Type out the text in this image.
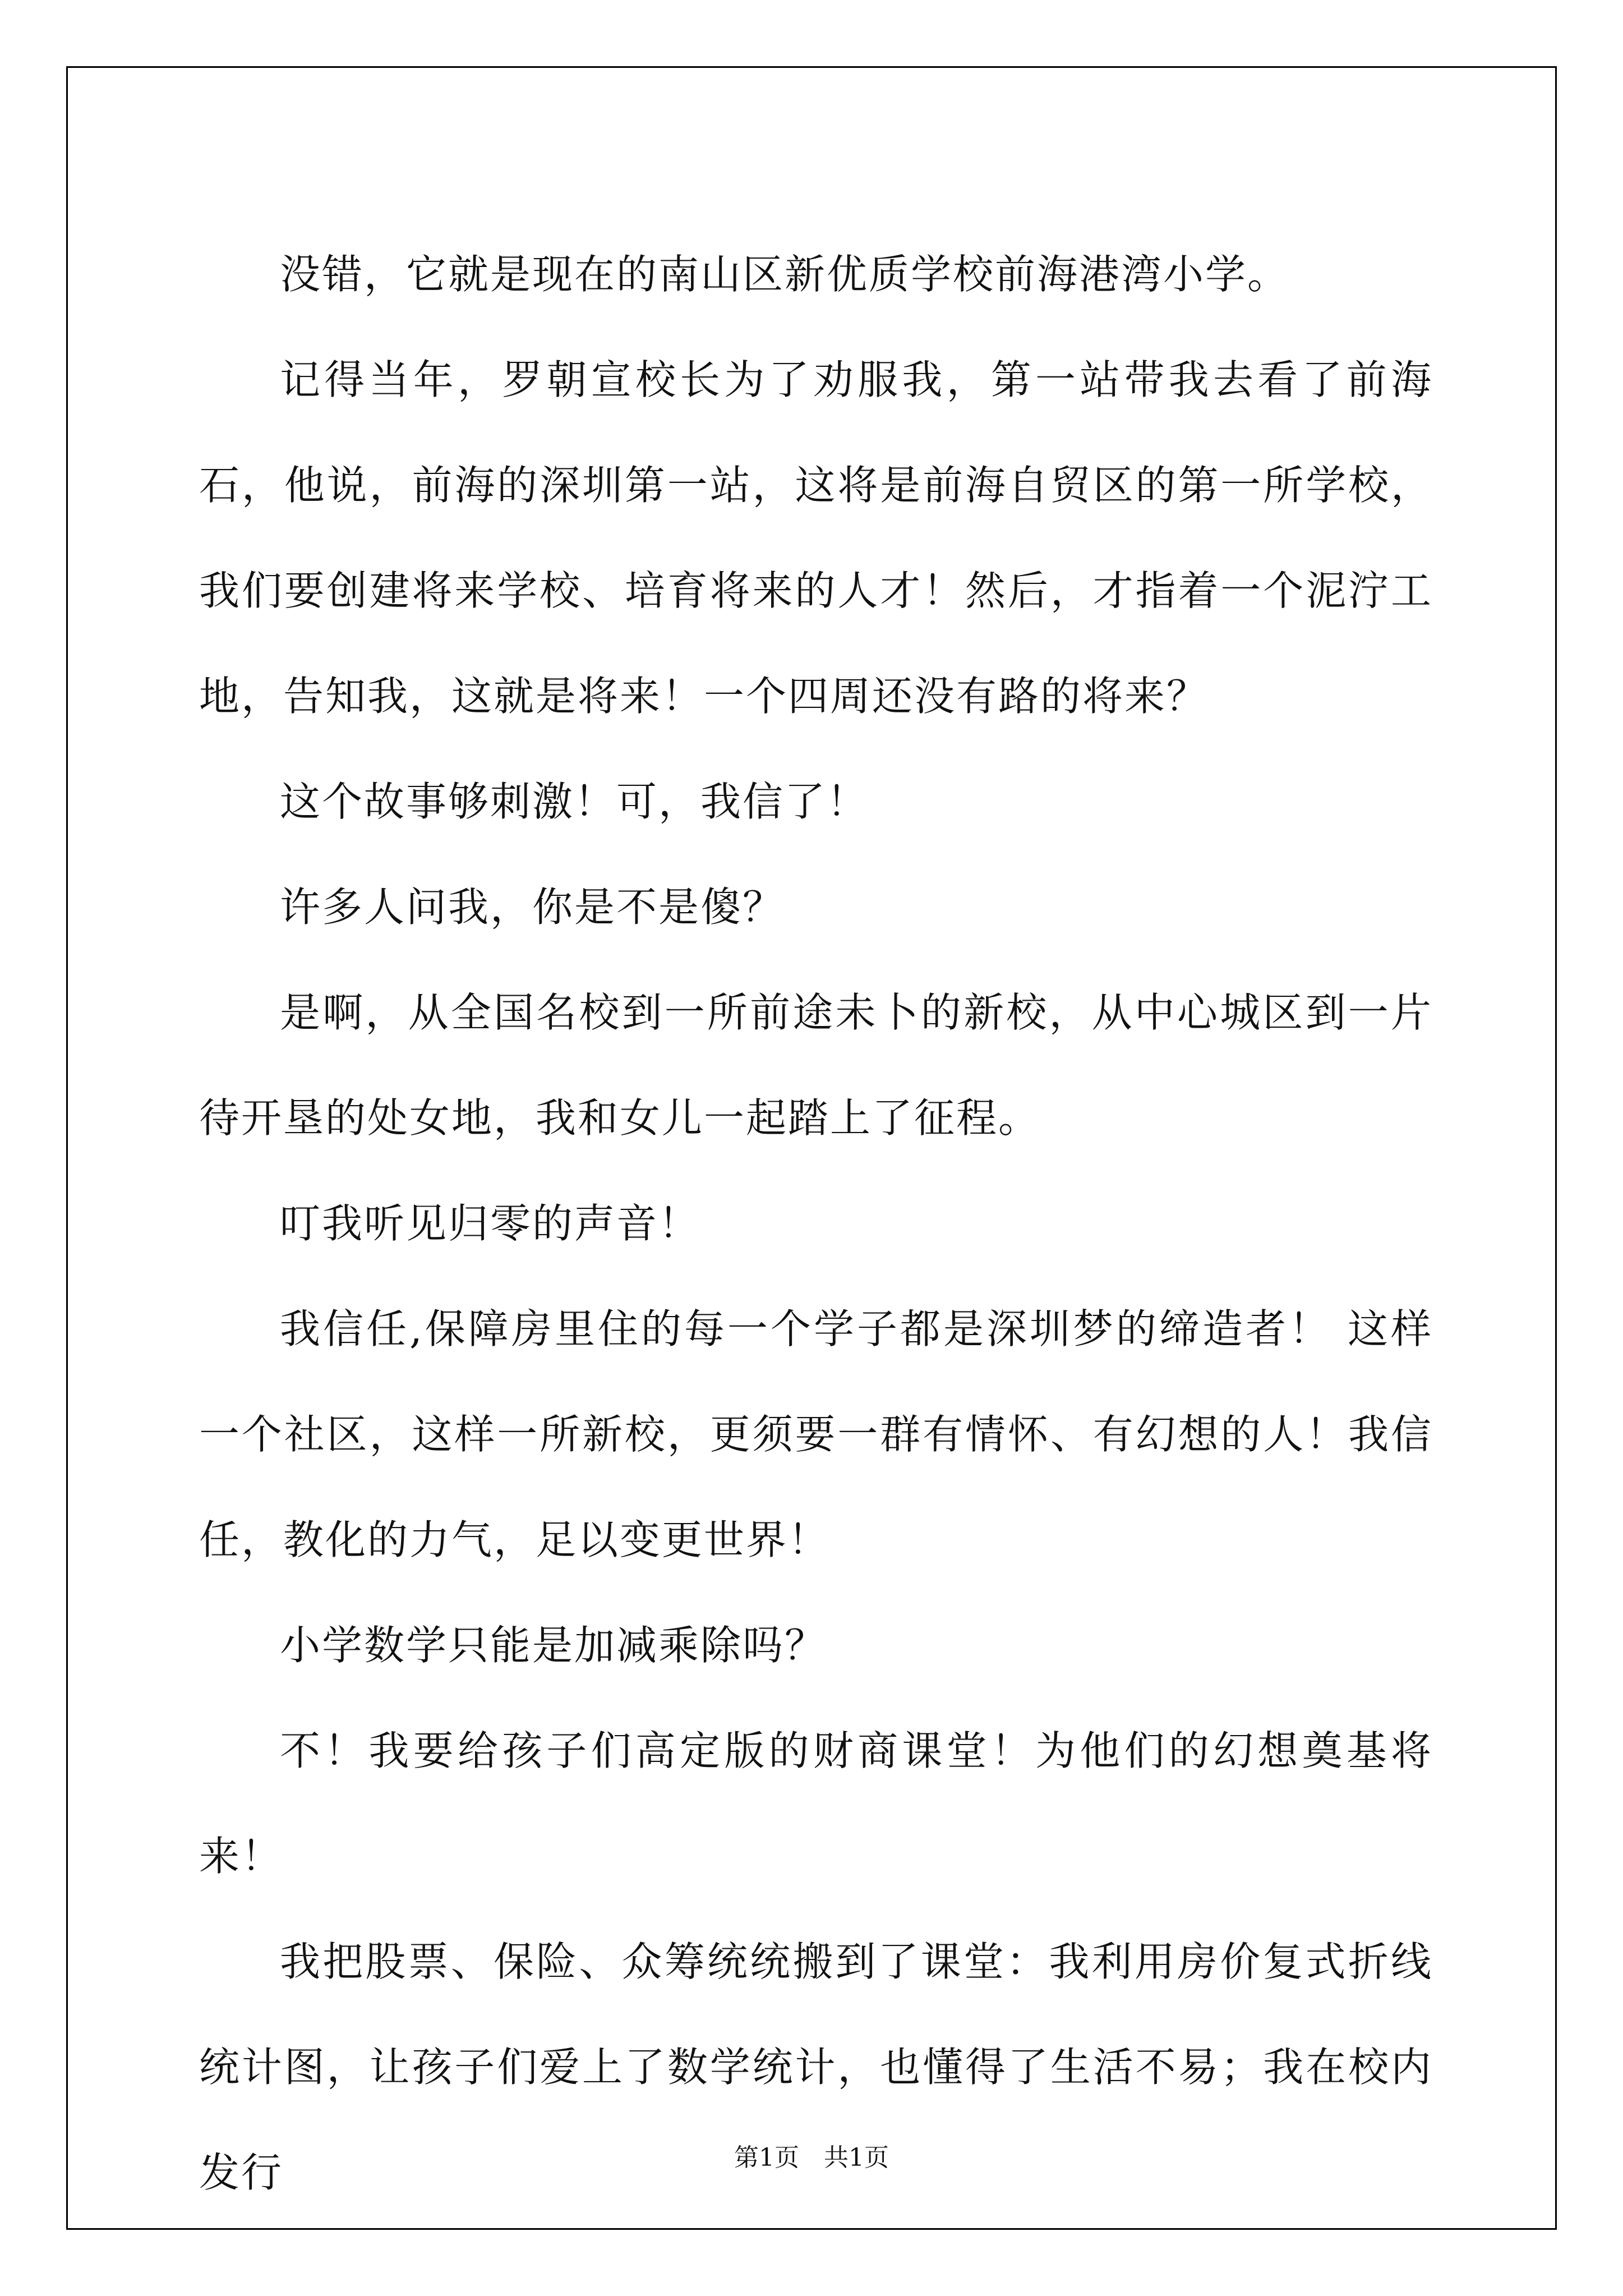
没错，它就是现在的南山区新优质学校前海港湾小学。

记得当年，罗朝宣校长为了劝服我，第一站带我去看了前海石，他说，前海的深圳第一站，这将是前海自贸区的第一所学校，我们要创建将来学校、培育将来的人才！然后，才指着一个泥泞工地，告知我，这就是将来！一个四周还没有路的将来？

这个故事够刺激！可，我信了！

许多人问我，你是不是傻？

是啊，从全国名校到一所前途未卜的新校，从中心城区到一片待开垦的处女地，我和女儿一起踏上了征程。

叮我听见归零的声音！

我信任,保障房里住的每一个学子都是深圳梦的缔造者！ 这样一个社区，这样一所新校，更须要一群有情怀、有幻想的人！我信任，教化的力气，足以变更世界！

小学数学只能是加减乘除吗？

不！我要给孩子们高定版的财商课堂！为他们的幻想奠基将来！

我把股票、保险、众筹统统搬到了课堂：我利用房价复式折线统计图，让孩子们爱上了数学统计，也懂得了生活不易；我在校内发行	第1页　共1页
